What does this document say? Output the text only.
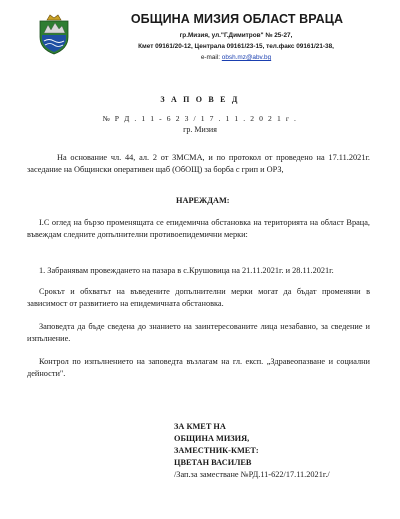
ОБЩИНА МИЗИЯ ОБЛАСТ ВРАЦА
гр.Мизия, ул."Г.Димитров" № 25-27,
Кмет 09161/20-12, Централа 09161/23-15, тел.факс 09161/21-38,
e-mail: obsh.mz@abv.bg
З А П О В Е Д
№ Р Д . 1 1 - 6 2 3 / 1 7 . 1 1 . 2 0 2 1 г .
гр. Мизия
На основание чл. 44, ал. 2 от ЗМСМА, и по протокол от проведено на 17.11.2021г. заседание на Общински оперативен щаб (ОбОЩ) за борба с грип и ОРЗ,
НАРЕЖДАМ:
I.С оглед на бързо променящата се епидемична обстановка на територията на област Враца, въвеждам следните допълнителни противоепидемични мерки:
1. Забранявам провеждането на пазара в с.Крушовица на 21.11.2021г. и 28.11.2021г.
Срокът и обхватът на въведените допълнителни мерки могат да бъдат променяни в зависимост от развитието на епидемичната обстановка.
Заповедта да бъде сведена до знанието на заинтересованите лица незабавно, за сведение и изпълнение.
Контрол по изпълнението на заповедта възлагам на гл. експ. „Здравеопазване и социални дейности".
ЗА КМЕТ НА
ОБЩИНА МИЗИЯ,
ЗАМЕСТНИК-КМЕТ:
ЦВЕТАН ВАСИЛЕВ
/Зап.за заместване №РД.11-622/17.11.2021г./
